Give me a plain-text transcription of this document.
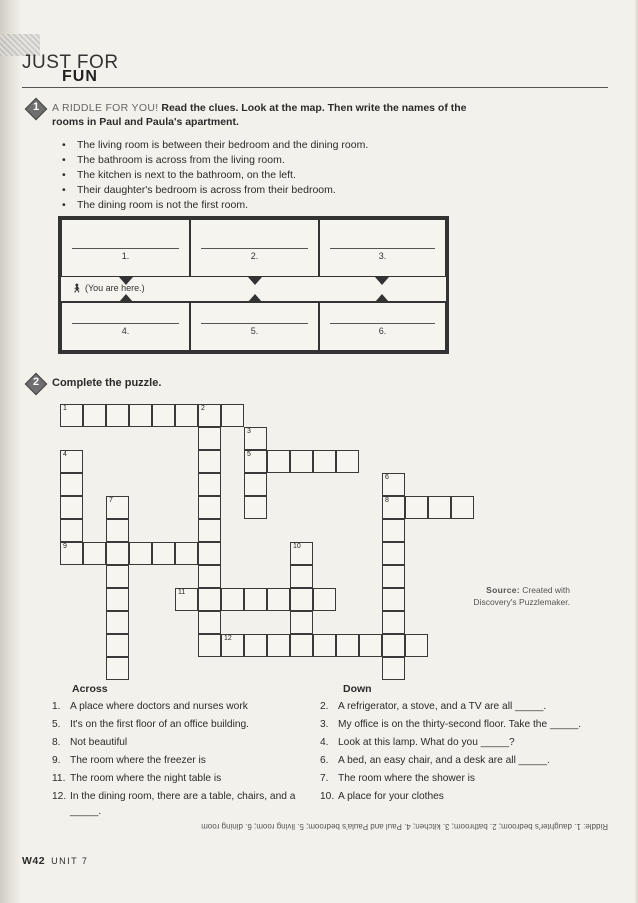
JUST FOR
FUN
1	A RIDDLE FOR YOU! Read the clues. Look at the map. Then write the names of the rooms in Paul and Paula's apartment.
• The living room is between their bedroom and the dining room.
• The bathroom is across from the living room.
• The kitchen is next to the bathroom, on the left.
• Their daughter's bedroom is across from their bedroom.
• The dining room is not the first room.
1.	2.	3.
🚶︎ (You are here.)
4.	5.	6.
2	Complete the puzzle.
1	2
3
5
4
9
6
8
7
10
11
12
Source: Created with Discovery's Puzzlemaker.
Across	Down
1. A place where doctors and nurses work
5. It's on the first floor of an office building.
8. Not beautiful
9. The room where the freezer is
11. The room where the night table is
12. In the dining room, there are a table, chairs, and a _____.
2. A refrigerator, a stove, and a TV are all _____.
3. My office is on the thirty-second floor. Take the _____.
4. Look at this lamp. What do you _____?
6. A bed, an easy chair, and a desk are all _____.
7. The room where the shower is
10. A place for your clothes
Riddle: 1. daughter's bedroom; 2. bathroom; 3. kitchen; 4. Paul and Paula's bedroom; 5. living room; 6. dining room
W42 UNIT 7
